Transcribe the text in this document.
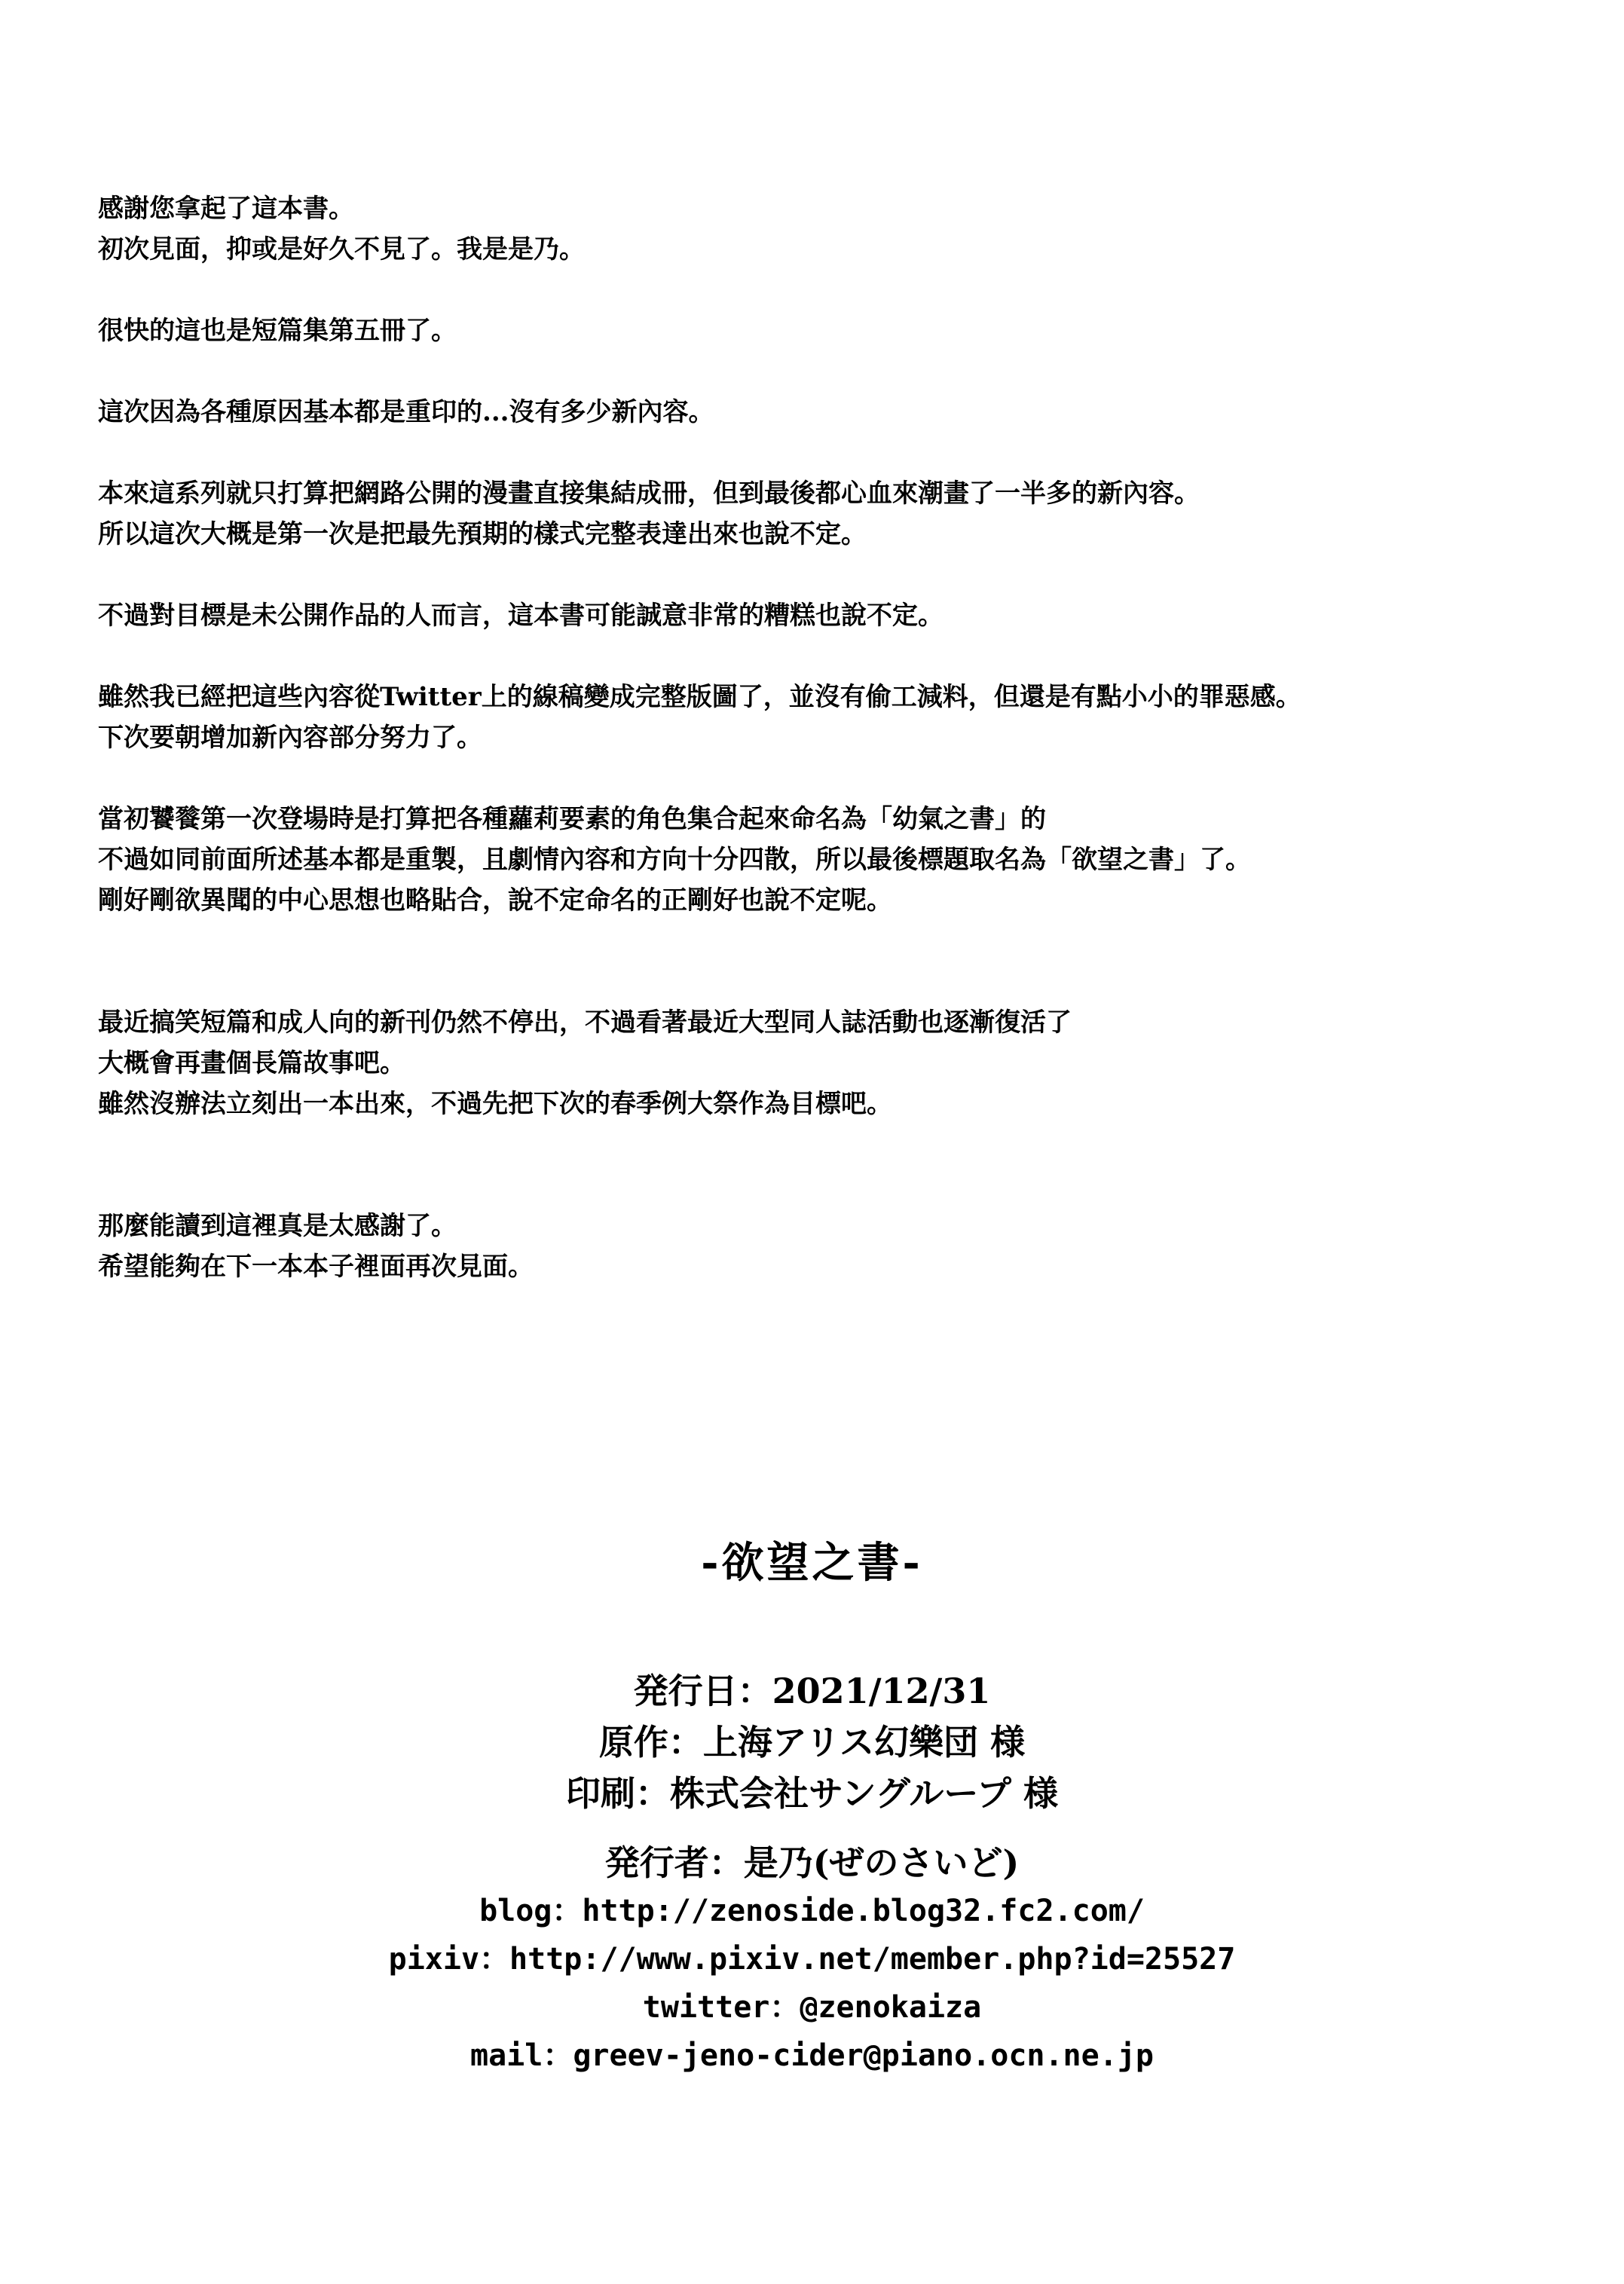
感謝您拿起了這本書。
初次見面，抑或是好久不見了。我是是乃。
很快的這也是短篇集第五冊了。
這次因為各種原因基本都是重印的...沒有多少新內容。
本來這系列就只打算把網路公開的漫畫直接集結成冊，但到最後都心血來潮畫了一半多的新內容。
所以這次大概是第一次是把最先預期的樣式完整表達出來也說不定。
不過對目標是未公開作品的人而言，這本書可能誠意非常的糟糕也說不定。
雖然我已經把這些內容從Twitter上的線稿變成完整版圖了，並沒有偷工減料，但還是有點小小的罪惡感。
下次要朝增加新內容部分努力了。
當初饕餮第一次登場時是打算把各種蘿莉要素的角色集合起來命名為「幼氣之書」的
不過如同前面所述基本都是重製，且劇情內容和方向十分四散，所以最後標題取名為「欲望之書」了。
剛好剛欲異聞的中心思想也略貼合，說不定命名的正剛好也說不定呢。
最近搞笑短篇和成人向的新刊仍然不停出，不過看著最近大型同人誌活動也逐漸復活了
大概會再畫個長篇故事吧。
雖然沒辦法立刻出一本出來，不過先把下次的春季例大祭作為目標吧。
那麼能讀到這裡真是太感謝了。
希望能夠在下一本本子裡面再次見面。
-欲望之書-
発行日：2021/12/31
原作：上海アリス幻樂団 様
印刷：株式会社サングループ 様
発行者：是乃(ぜのさいど)
blog：http://zenoside.blog32.fc2.com/
pixiv：http://www.pixiv.net/member.php?id=25527
twitter：@zenokaiza
mail：greev-jeno-cider@piano.ocn.ne.jp
